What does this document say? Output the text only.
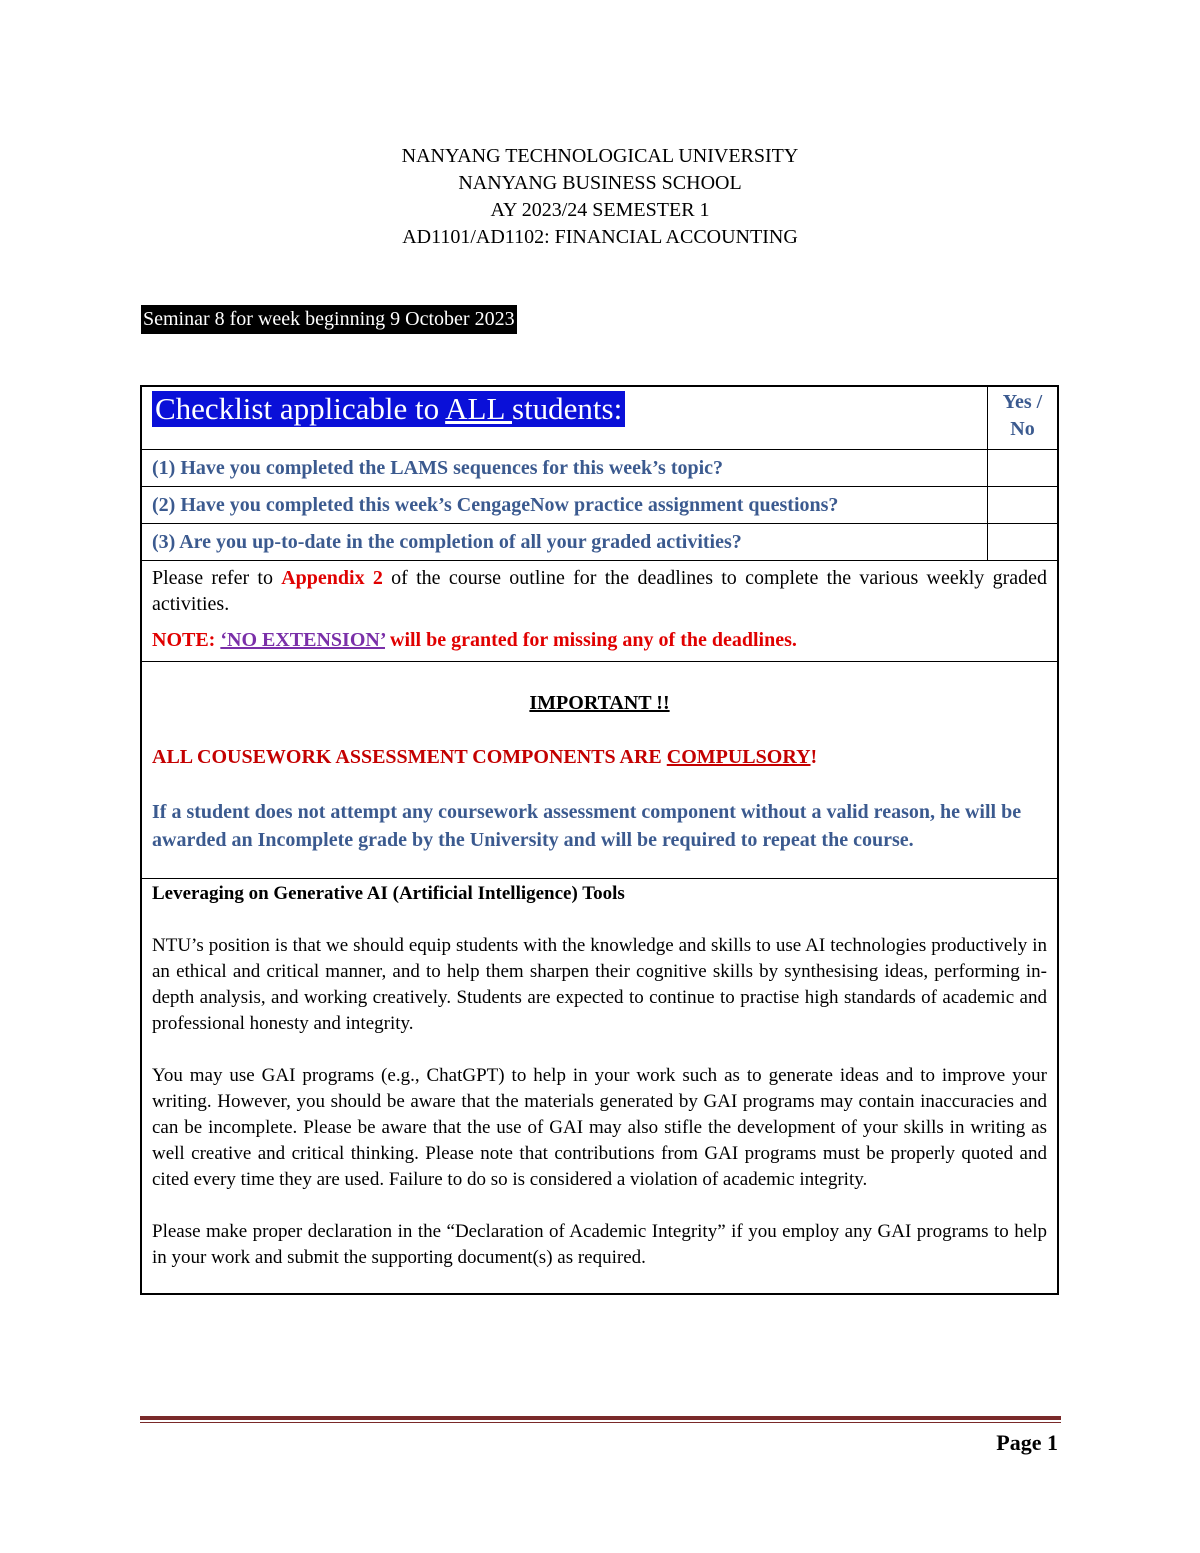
NANYANG TECHNOLOGICAL UNIVERSITY
NANYANG BUSINESS SCHOOL
AY 2023/24 SEMESTER 1
AD1101/AD1102: FINANCIAL ACCOUNTING
Seminar 8 for week beginning 9 October 2023
Checklist applicable to ALL students:	Yes /
No

(1) Have you completed the LAMS sequences for this week’s topic?	
(2) Have you completed this week’s CengageNow practice assignment questions?	
(3) Are you up-to-date in the completion of all your graded activities?	

Please refer to Appendix 2 of the course outline for the deadlines to complete the various weekly graded activities.

NOTE: ‘NO EXTENSION’ will be granted for missing any of the deadlines.	

IMPORTANT !!

ALL COUSEWORK ASSESSMENT COMPONENTS ARE COMPULSORY!

If a student does not attempt any coursework assessment component without a valid reason, he will be awarded an Incomplete grade by the University and will be required to repeat the course.	

Leveraging on Generative AI (Artificial Intelligence) Tools

NTU’s position is that we should equip students with the knowledge and skills to use AI technologies productively in an ethical and critical manner, and to help them sharpen their cognitive skills by synthesising ideas, performing in-depth analysis, and working creatively. Students are expected to continue to practise high standards of academic and professional honesty and integrity.

You may use GAI programs (e.g., ChatGPT) to help in your work such as to generate ideas and to improve your writing. However, you should be aware that the materials generated by GAI programs may contain inaccuracies and can be incomplete. Please be aware that the use of GAI may also stifle the development of your skills in writing as well creative and critical thinking. Please note that contributions from GAI programs must be properly quoted and cited every time they are used. Failure to do so is considered a violation of academic integrity.

Please make proper declaration in the “Declaration of Academic Integrity” if you employ any GAI programs to help in your work and submit the supporting document(s) as required.	

Page 1
